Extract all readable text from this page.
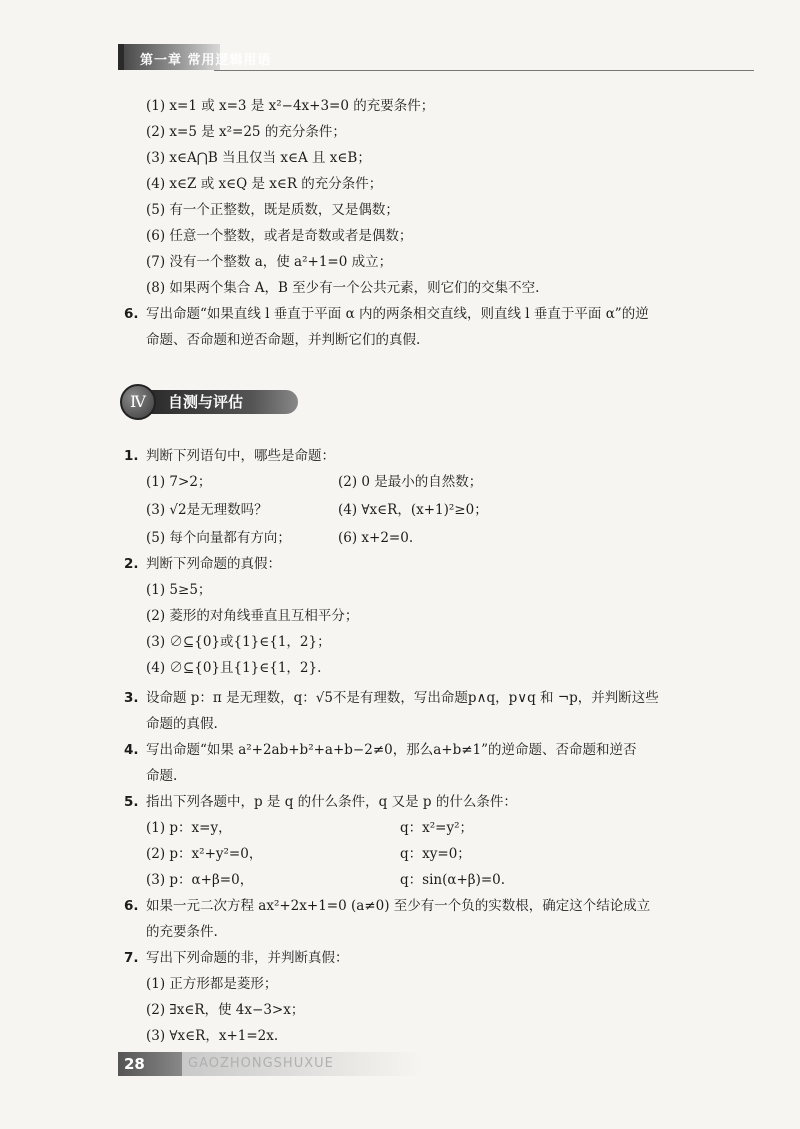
第一章 常用逻辑用语
(1) x=1 或 x=3 是 x²−4x+3=0 的充要条件；
(2) x=5 是 x²=25 的充分条件；
(3) x∈A⋂B 当且仅当 x∈A 且 x∈B；
(4) x∈Z 或 x∈Q 是 x∈R 的充分条件；
(5) 有一个正整数，既是质数，又是偶数；
(6) 任意一个整数，或者是奇数或者是偶数；
(7) 没有一个整数 a，使 a²+1=0 成立；
(8) 如果两个集合 A，B 至少有一个公共元素，则它们的交集不空.
6. 写出命题“如果直线 l 垂直于平面 α 内的两条相交直线，则直线 l 垂直于平面 α”的逆
命题、否命题和逆否命题，并判断它们的真假.
自测与评估
Ⅳ
1. 判断下列语句中，哪些是命题：
(1) 7>2；	(2) 0 是最小的自然数；
(3) √2是无理数吗？	(4) ∀x∈R，(x+1)²≥0；
(5) 每个向量都有方向；	(6) x+2=0.
2. 判断下列命题的真假：
(1) 5≥5；
(2) 菱形的对角线垂直且互相平分；
(3) ∅⊆{0}或{1}∈{1，2}；
(4) ∅⊆{0}且{1}∈{1，2}.
3. 设命题 p：π 是无理数，q：√5不是有理数，写出命题p∧q，p∨q 和 ¬p，并判断这些
命题的真假.
4. 写出命题“如果 a²+2ab+b²+a+b−2≠0，那么a+b≠1”的逆命题、否命题和逆否
命题.
5. 指出下列各题中，p 是 q 的什么条件，q 又是 p 的什么条件：
(1) p：x=y，	q：x²=y²；
(2) p：x²+y²=0，	q：xy=0；
(3) p：α+β=0，	q：sin(α+β)=0.
6. 如果一元二次方程 ax²+2x+1=0 (a≠0) 至少有一个负的实数根，确定这个结论成立
的充要条件.
7. 写出下列命题的非，并判断真假：
(1) 正方形都是菱形；
(2) ∃x∈R，使 4x−3>x；
(3) ∀x∈R，x+1=2x.
28	GAOZHONGSHUXUE
